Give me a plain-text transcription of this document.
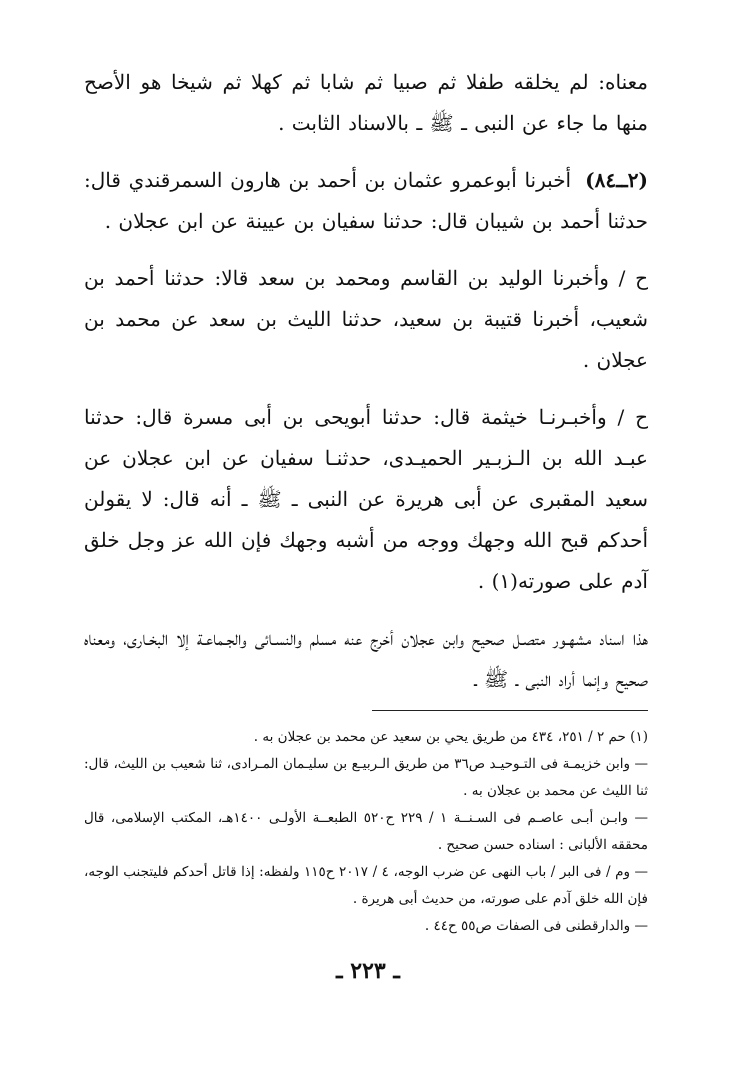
معناه: لم يخلقه طفلا ثم صبيا ثم شابا ثم كهلا ثم شيخا هو الأصح منها ما جاء عن النبى ـ ﷺ ـ بالاسناد الثابت .

(٢ــ٨٤)أخبرنا أبوعمرو عثمان بن أحمد بن هارون السمرقندي قال: حدثنا أحمد بن شيبان قال: حدثنا سفيان بن عيينة عن ابن عجلان .

ح / وأخبرنا الوليد بن القاسم ومحمد بن سعد قالا: حدثنا أحمد بن شعيب، أخبرنا قتيبة بن سعيد، حدثنا الليث بن سعد عن محمد بن عجلان .

ح / وأخبـرنـا خيثمة قال: حدثنا أبويحى بن أبى مسرة قال: حدثنا عبـد الله بن الـزبـير الحميـدى، حدثنـا سفيان عن ابن عجلان عن سعيد المقبرى عن أبى هريرة عن النبى ـ ﷺ ـ أنه قال: لا يقولن أحدكم قبح الله وجهك ووجه من أشبه وجهك فإن الله عز وجل خلق آدم على صورته(١) .

هذا اسناد مشهـور متصـل صحيح وابن عجلان أخرج عنه مسلم والنسـائى والجـماعـة إلا البخـارى، ومعناه صحيح وإنما أراد النبى ـ ﷺ ـ

(١) حم ٢ / ٢٥١، ٤٣٤ من طريق يحي بن سعيد عن محمد بن عجلان به .

— وابن خزيمـة فى التـوحيـد ص٣٦ من طريق الـربيـع بن سليـمان المـرادى، ثنا شعيب بن الليث، قال: ثنا الليث عن محمد بن عجلان به .

— وابـن أبـى عاصـم فى السـنــة ١ / ٢٢٩ ح٥٢٠ الطبعــة الأولـى ١٤٠٠هـ، المكتب الإسلامى، قال محققه الألبانى : اسناده حسن صحيح .

— وم / فى البر / باب النهى عن ضرب الوجه، ٤ / ٢٠١٧ ح١١٥ ولفظه: إذا قاتل أحدكم فليتجنب الوجه، فإن الله خلق آدم على صورته، من حديث أبى هريرة .

— والدارقطنى فى الصفات ص٥٥ ح٤٤ .

ـ ٢٢٣ ـ
